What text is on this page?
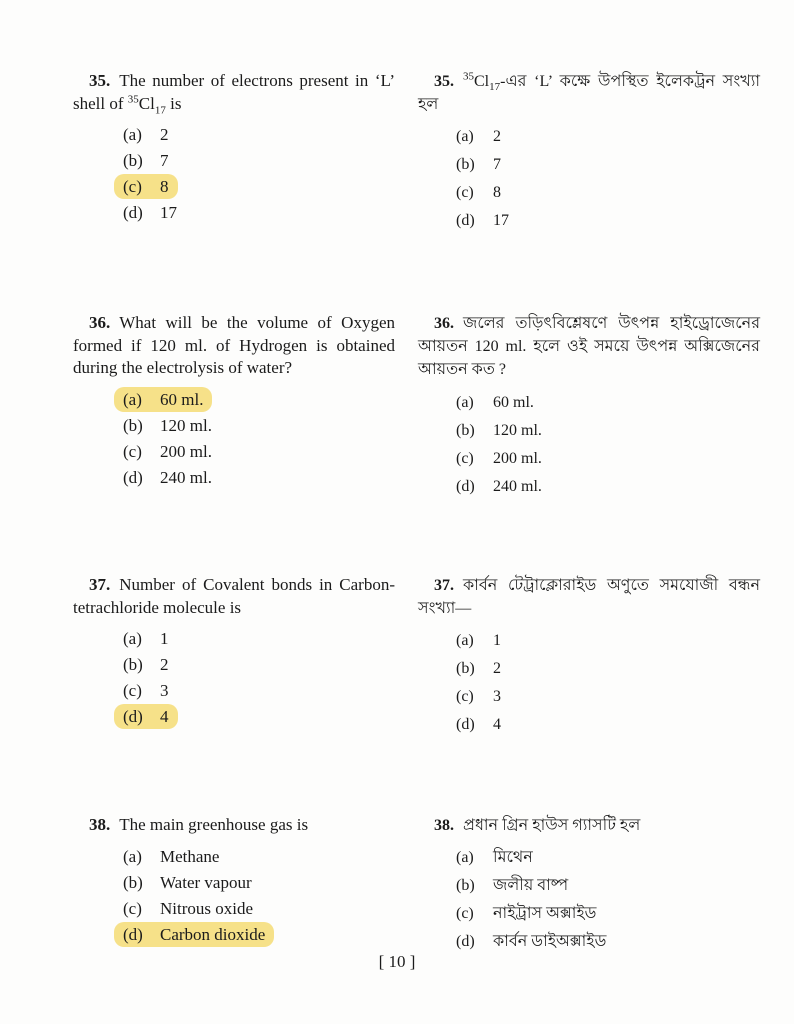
35. The number of electrons present in ‘L’ shell of $^{35}Cl_{17}$ is

(a) 2
(b) 7
(c) 8
(d) 17

35. $^{35}Cl_{17}-এর$ ‘L’ কক্ষে উপস্থিত ইলেকট্রন সংখ্যা হল

(a) 2
(b) 7
(c) 8
(d) 17

36. What will be the volume of Oxygen formed if 120 ml. of Hydrogen is obtained during the electrolysis of water?

(a) 60 ml.
(b) 120 ml.
(c) 200 ml.
(d) 240 ml.

36. জলের তড়িৎবিশ্লেষণে উৎপন্ন হাইড্রোজেনের আয়তন 120 ml. হলে ওই সময়ে উৎপন্ন অক্সিজেনের আয়তন কত ?

(a) 60 ml.
(b) 120 ml.
(c) 200 ml.
(d) 240 ml.

37. Number of Covalent bonds in Carbon-tetrachloride molecule is

(a) 1
(b) 2
(c) 3
(d) 4

37. কার্বন টেট্রাক্লোরাইড অণুতে সমযোজী বন্ধন সংখ্যা—

(a) 1
(b) 2
(c) 3
(d) 4

38. The main greenhouse gas is

(a) Methane
(b) Water vapour
(c) Nitrous oxide
(d) Carbon dioxide

38. প্রধান গ্রিন হাউস গ্যাসটি হল

(a) মিথেন
(b) জলীয় বাষ্প
(c) নাইট্রাস অক্সাইড
(d) কার্বন ডাইঅক্সাইড
[ 10 ]
